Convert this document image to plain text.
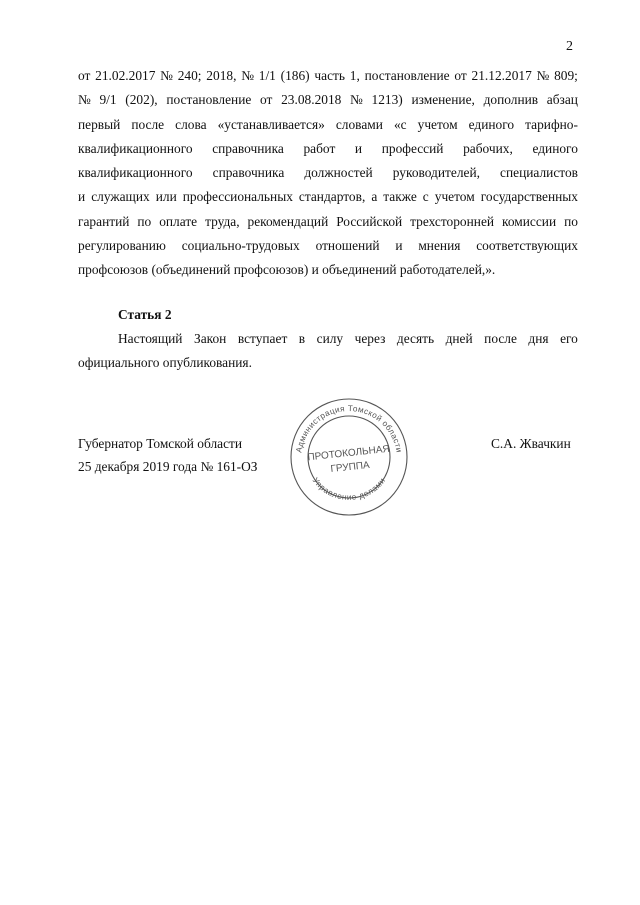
2
от 21.02.2017 № 240; 2018, № 1/1 (186) часть 1, постановление от 21.12.2017 № 809;
№ 9/1 (202), постановление от 23.08.2018 № 1213) изменение, дополнив абзац
первый после слова «устанавливается» словами «с учетом единого тарифно-
квалификационного справочника работ и профессий рабочих, единого
квалификационного справочника должностей руководителей, специалистов
и служащих или профессиональных стандартов, а также с учетом государственных
гарантий по оплате труда, рекомендаций Российской трехсторонней комиссии по
регулированию социально-трудовых отношений и мнения соответствующих
профсоюзов (объединений профсоюзов) и объединений работодателей,».
Статья 2
Настоящий Закон вступает в силу через десять дней после дня его
официального опубликования.
Губернатор Томской области
25 декабря 2019 года № 161-ОЗ
С.А. Жвачкин
Администрация Томской области
Управление делами
ПРОТОКОЛЬНАЯ
ГРУППА
